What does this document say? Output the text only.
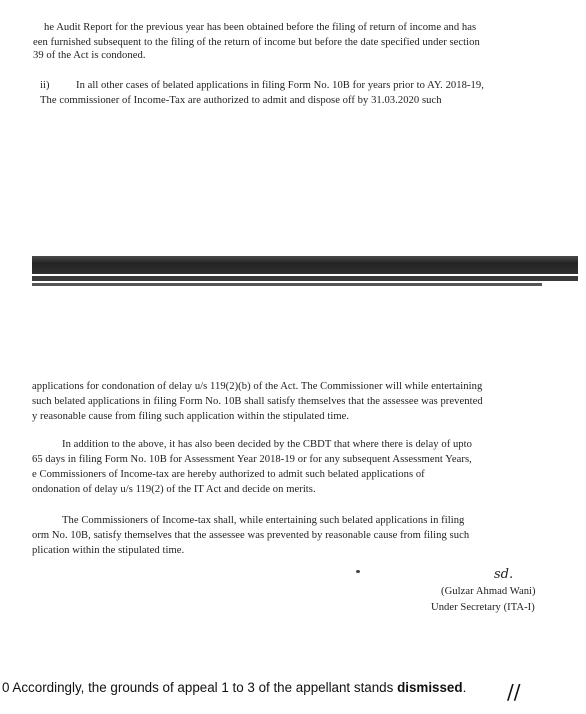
he Audit Report for the previous year has been obtained before the filing of return of income and has

een furnished subsequent to the filing of the return of income but before the date specified under section

39 of the Act is condoned.

ii) In all other cases of belated applications in filing Form No. 10B for years prior to AY. 2018-19,

The commissioner of Income-Tax are authorized to admit and dispose off by 31.03.2020 such

applications for condonation of delay u/s 119(2)(b) of the Act. The Commissioner will while entertaining

such belated applications in filing Form No. 10B shall satisfy themselves that the assessee was prevented

y reasonable cause from filing such application within the stipulated time.

In addition to the above, it has also been decided by the CBDT that where there is delay of upto

65 days in filing Form No. 10B for Assessment Year 2018-19 or for any subsequent Assessment Years,

e Commissioners of Income-tax are hereby authorized to admit such belated applications of

ondonation of delay u/s 119(2) of the IT Act and decide on merits.

The Commissioners of Income-tax shall, while entertaining such belated applications in filing

orm No. 10B, satisfy themselves that the assessee was prevented by reasonable cause from filing such

plication within the stipulated time.

sd.

(Gulzar Ahmad Wani)

Under Secretary (ITA-I)

0 Accordingly, the grounds of appeal 1 to 3 of the appellant stands dismissed. //
